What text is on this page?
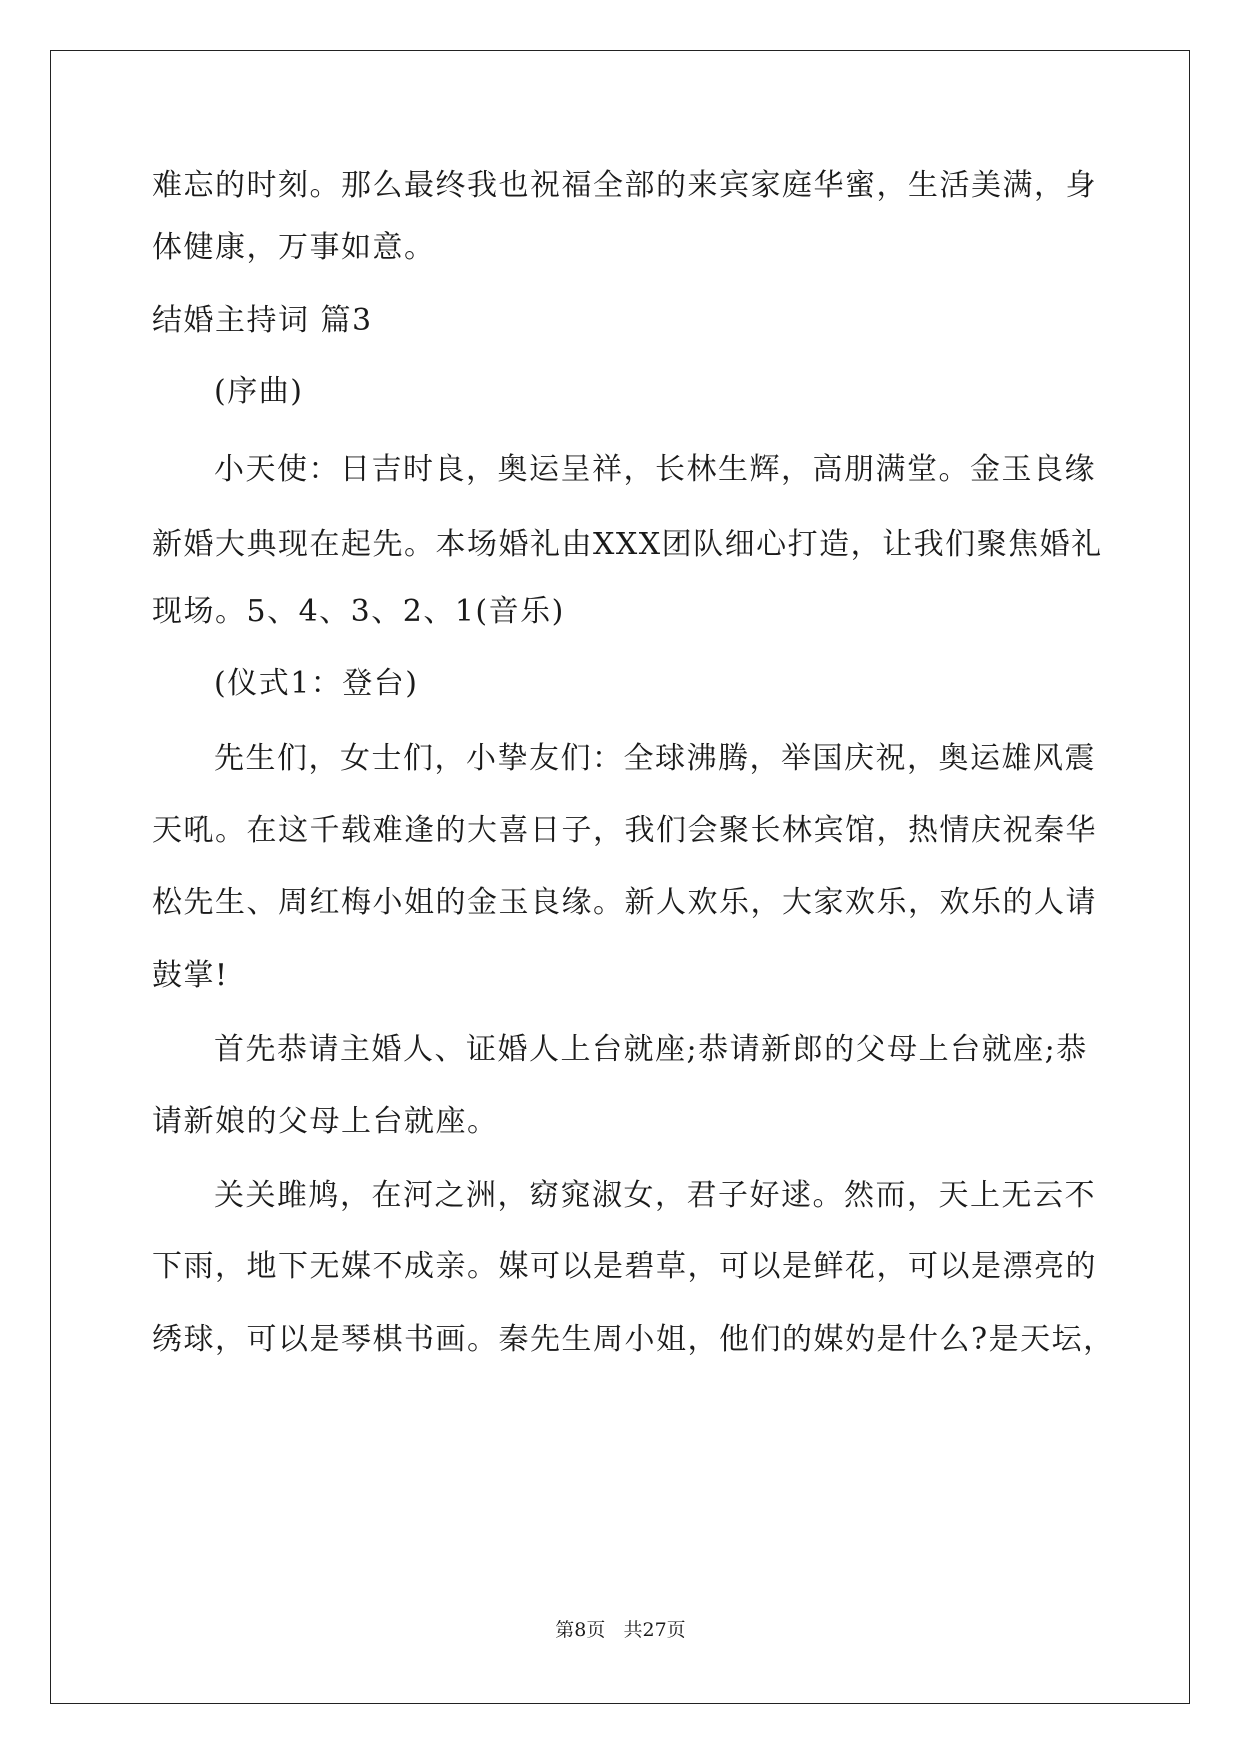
难忘的时刻。那么最终我也祝福全部的来宾家庭华蜜，生活美满，身
体健康，万事如意。
结婚主持词 篇3
(序曲)
小天使：日吉时良，奥运呈祥，长林生辉，高朋满堂。金玉良缘
新婚大典现在起先。本场婚礼由XXX团队细心打造，让我们聚焦婚礼
现场。5、4、3、2、1(音乐)
(仪式1：登台)
先生们，女士们，小挚友们：全球沸腾，举国庆祝，奥运雄风震
天吼。在这千载难逢的大喜日子，我们会聚长林宾馆，热情庆祝秦华
松先生、周红梅小姐的金玉良缘。新人欢乐，大家欢乐，欢乐的人请
鼓掌!
首先恭请主婚人、证婚人上台就座;恭请新郎的父母上台就座;恭
请新娘的父母上台就座。
关关雎鸠，在河之洲，窈窕淑女，君子好逑。然而，天上无云不
下雨，地下无媒不成亲。媒可以是碧草，可以是鲜花，可以是漂亮的
绣球，可以是琴棋书画。秦先生周小姐，他们的媒妁是什么?是天坛，
第8页   共27页
